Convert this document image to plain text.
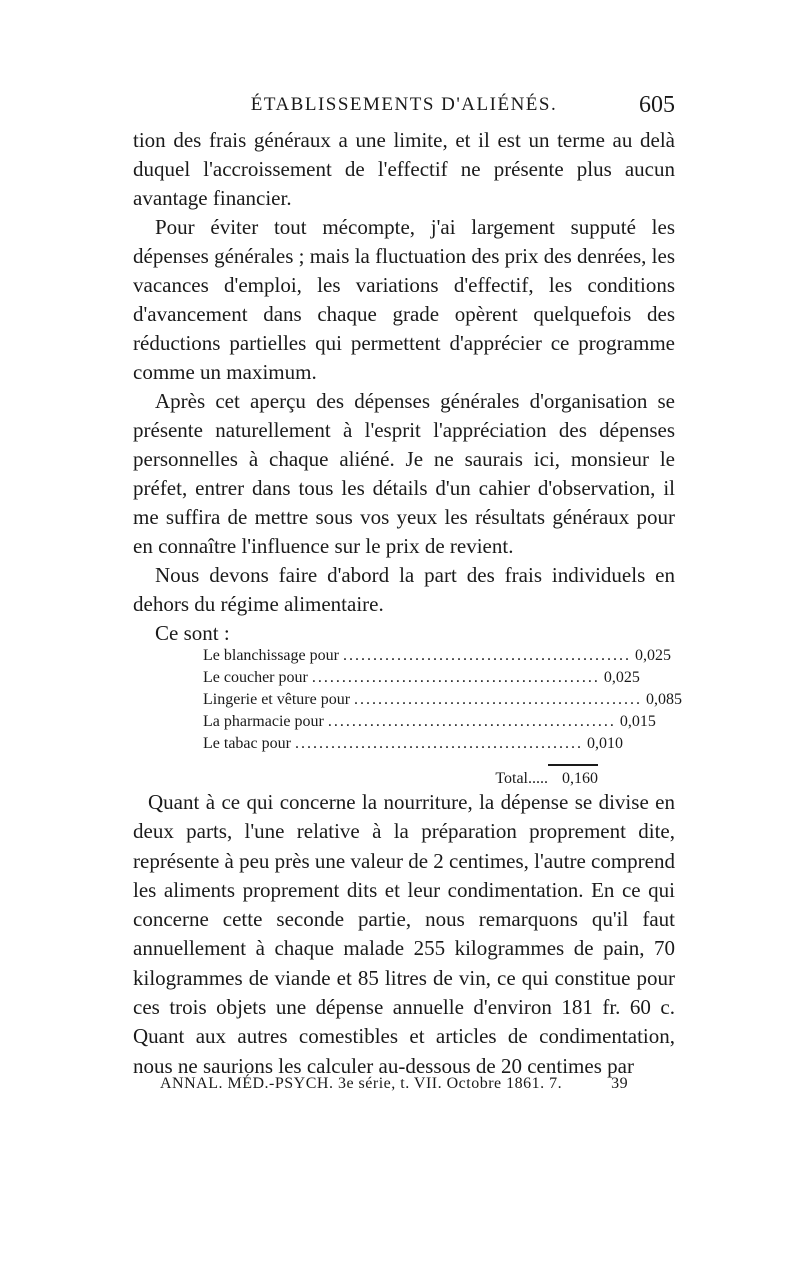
ÉTABLISSEMENTS D'ALIÉNÉS.	605

tion des frais généraux a une limite, et il est un terme au delà duquel l'accroissement de l'effectif ne présente plus aucun avantage financier.

Pour éviter tout mécompte, j'ai largement supputé les dépenses générales ; mais la fluctuation des prix des denrées, les vacances d'emploi, les variations d'effectif, les conditions d'avancement dans chaque grade opèrent quelquefois des réductions partielles qui permettent d'apprécier ce programme comme un maximum.

Après cet aperçu des dépenses générales d'organisation se présente naturellement à l'esprit l'appréciation des dépenses personnelles à chaque aliéné. Je ne saurais ici, monsieur le préfet, entrer dans tous les détails d'un cahier d'observation, il me suffira de mettre sous vos yeux les résultats généraux pour en connaître l'influence sur le prix de revient.

Nous devons faire d'abord la part des frais individuels en dehors du régime alimentaire.

Ce sont :

Le blanchissage pour ................................................ 0,025
Le coucher pour ................................................ 0,025
Lingerie et vêture pour ................................................ 0,085
La pharmacie pour ................................................ 0,015
Le tabac pour ................................................ 0,010
Total..... 0,160

Quant à ce qui concerne la nourriture, la dépense se divise en deux parts, l'une relative à la préparation proprement dite, représente à peu près une valeur de 2 centimes, l'autre comprend les aliments proprement dits et leur condimentation. En ce qui concerne cette seconde partie, nous remarquons qu'il faut annuellement à chaque malade 255 kilogrammes de pain, 70 kilogrammes de viande et 85 litres de vin, ce qui constitue pour ces trois objets une dépense annuelle d'environ 181 fr. 60 c. Quant aux autres comestibles et articles de condimentation, nous ne saurions les calculer au-dessous de 20 centimes par

ANNAL. MÉD.-PSYCH. 3e série, t. VII. Octobre 1861. 7.	39
